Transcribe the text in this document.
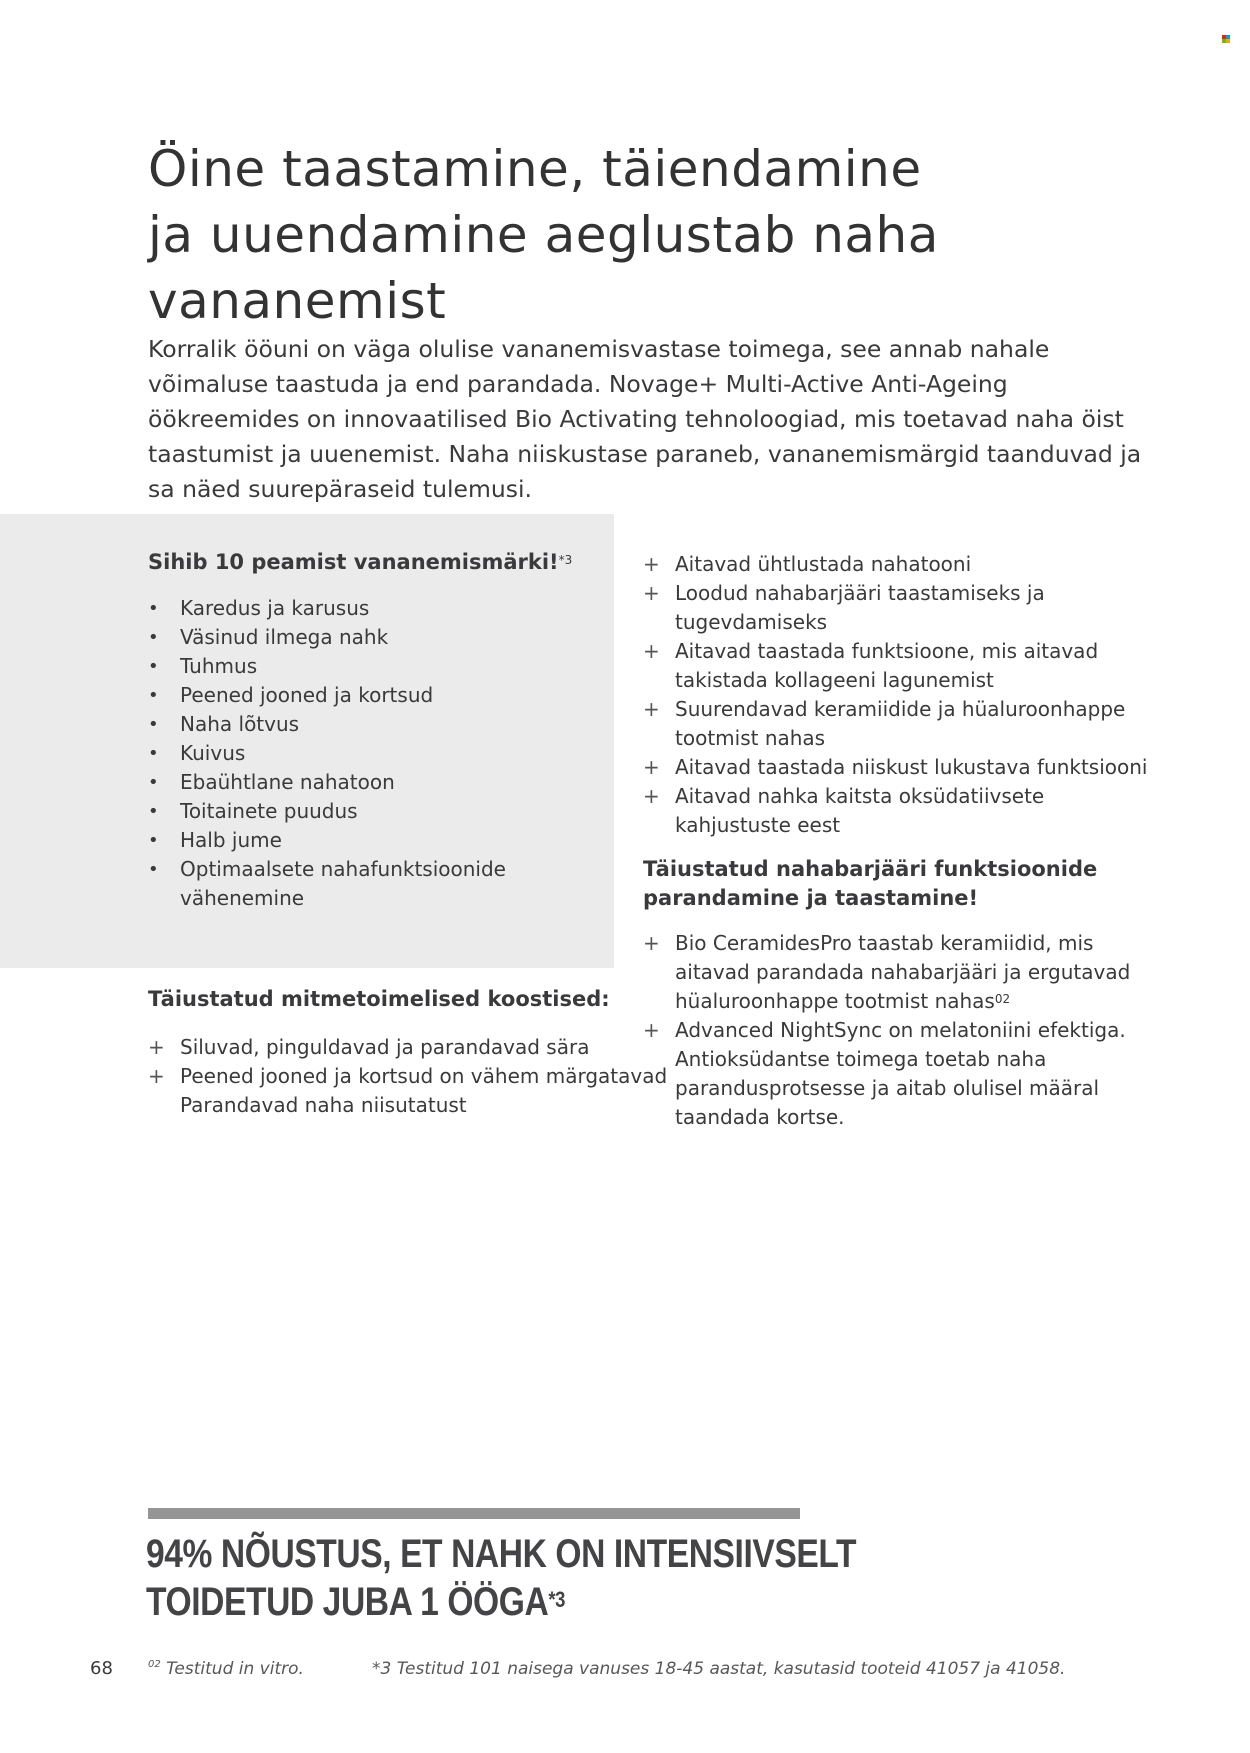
Öine taastamine, täiendamine
ja uuendamine aeglustab naha
vananemist

Korralik ööuni on väga olulise vananemisvastase toimega, see annab nahale
võimaluse taastuda ja end parandada. Novage+ Multi-Active Anti-Ageing
öökreemides on innovaatilised Bio Activating tehnoloogiad, mis toetavad naha öist
taastumist ja uuenemist. Naha niiskustase paraneb, vananemismärgid taanduvad ja
sa näed suurepäraseid tulemusi.

Sihib 10 peamist vananemismärki!$^{*3}$
•	Karedus ja karusus
•	Väsinud ilmega nahk
•	Tuhmus
•	Peened jooned ja kortsud
•	Naha lõtvus
•	Kuivus
•	Ebaühtlane nahatoon
•	Toitainete puudus
•	Halb jume
•	Optimaalsete nahafunktsioonide vähenemine
Täiustatud mitmetoimelised koostised:
+ Siluvad, pinguldavad ja parandavad sära
+ Peened jooned ja kortsud on vähem märgatavad
Parandavad naha niisutatust
+ Aitavad ühtlustada nahatooni
+ Loodud nahabarjääri taastamiseks ja
tugevdamiseks
+ Aitavad taastada funktsioone, mis aitavad
takistada kollageeni lagunemist
+ Suurendavad keramiidide ja hüaluroonhappe
tootmist nahas
+ Aitavad taastada niiskust lukustava funktsiooni
+ Aitavad nahka kaitsta oksüdatiivsete
kahjustuste eest
Täiustatud nahabarjääri funktsioonide
parandamine ja taastamine!
+ Bio CeramidesPro taastab keramiidid, mis
aitavad parandada nahabarjääri ja ergutavad
hüaluroonhappe tootmist nahas$^{02}$
+ Advanced NightSync on melatoniini efektiga.
Antioksüdantse toimega toetab naha
parandusprotsesse ja aitab olulisel määral
taandada kortse.
94% NÕUSTUS, ET NAHK ON INTENSIIVSELT
TOIDETUD JUBA 1 ÖÖGA$^{*3}$
68	$^{02}$ Testitud in vitro.	*3 Testitud 101 naisega vanuses 18-45 aastat, kasutasid tooteid 41057 ja 41058.
